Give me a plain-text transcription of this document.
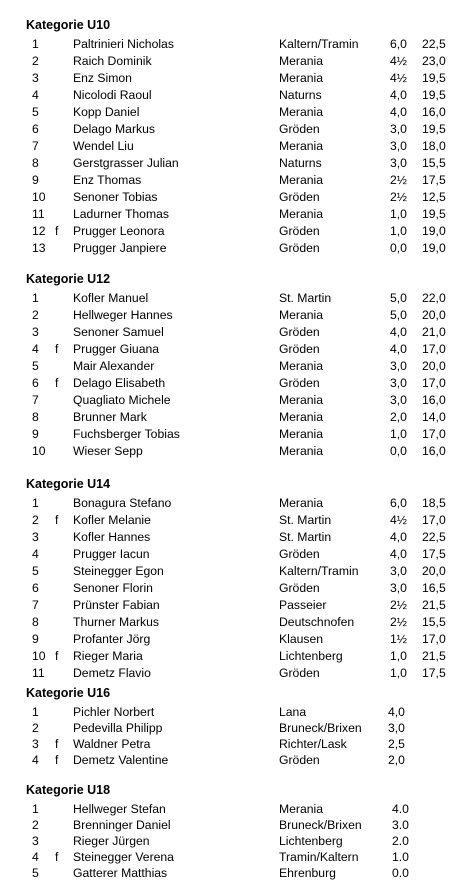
Kategorie U10
1	Paltrinieri Nicholas	Kaltern/Tramin	6,0 22,5
2	Raich Dominik	Merania	4½ 23,0
3	Enz Simon	Merania	4½ 19,5
4	Nicolodi Raoul	Naturns	4,0 19,5
5	Kopp Daniel	Merania	4,0 16,0
6	Delago Markus	Gröden	3,0 19,5
7	Wendel Liu	Merania	3,0 18,0
8	Gerstgrasser Julian	Naturns	3,0 15,5
9	Enz Thomas	Merania	2½ 17,5
10 Senoner Tobias	Gröden	2½ 12,5
11 Ladurner Thomas	Merania	1,0 19,5
12 f Prugger Leonora	Gröden	1,0 19,0
13 Prugger Janpiere	Gröden	0,0 19,0
Kategorie U12
1	Kofler Manuel	St. Martin	5,0 22,0
2	Hellweger Hannes	Merania	5,0 20,0
3	Senoner Samuel	Gröden	4,0 21,0
4 f Prugger Giuana	Gröden	4,0 17,0
5	Mair Alexander	Merania	3,0 20,0
6 f Delago Elisabeth	Gröden	3,0 17,0
7	Quagliato Michele	Merania	3,0 16,0
8	Brunner Mark	Merania	2,0 14,0
9	Fuchsberger Tobias	Merania	1,0 17,0
10 Wieser Sepp	Merania	0,0 16,0
Kategorie U14
1	Bonagura Stefano	Merania	6,0 18,5
2 f Kofler Melanie	St. Martin	4½ 17,0
3	Kofler Hannes	St. Martin	4,0 22,5
4	Prugger Iacun	Gröden	4,0 17,5
5	Steinegger Egon	Kaltern/Tramin	3,0 20,0
6	Senoner Florin	Gröden	3,0 16,5
7	Prünster Fabian	Passeier	2½ 21,5
8	Thurner Markus	Deutschnofen	2½ 15,5
9	Profanter Jörg	Klausen	1½ 17,0
10 f Rieger Maria	Lichtenberg	1,0 21,5
11 Demetz Flavio	Gröden	1,0 17,5
Kategorie U16
1	Pichler Norbert	Lana	4,0
2	Pedevilla Philipp	Bruneck/Brixen 3,0
3 f Waldner Petra	Richter/Lask	2,5
4 f Demetz Valentine	Gröden	2,0
Kategorie U18
1	Hellweger Stefan	Merania	4.0
2	Brenninger Daniel	Bruneck/Brixen 3.0
3	Rieger Jürgen	Lichtenberg	2.0
4 f Steinegger Verena	Tramin/Kaltern	1.0
5	Gatterer Matthias	Ehrenburg	0.0
